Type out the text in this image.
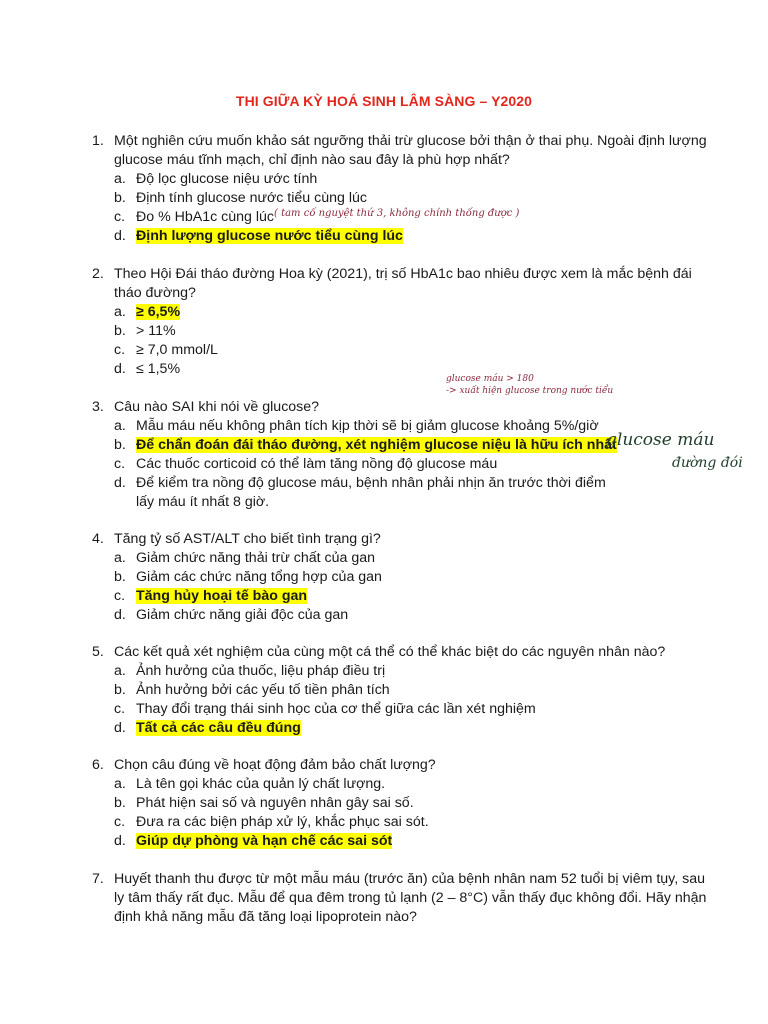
THI GIỮA KỲ HOÁ SINH LÂM SÀNG – Y2020
1. Một nghiên cứu muốn khảo sát ngưỡng thải trừ glucose bởi thận ở thai phụ. Ngoài định lượng glucose máu tĩnh mạch, chỉ định nào sau đây là phù hợp nhất?
a. Độ lọc glucose niệu ước tính
b. Định tính glucose nước tiểu cùng lúc
c. Đo % HbA1c cùng lúc
d. Định lượng glucose nước tiểu cùng lúc
( tam cố nguyệt thứ 3, không chính thống được )
2. Theo Hội Đái tháo đường Hoa kỳ (2021), trị số HbA1c bao nhiêu được xem là mắc bệnh đái tháo đường?
a. ≥ 6,5%
b. > 11%
c. ≥ 7,0 mmol/L
d. ≤ 1,5%
glucose máu > 180
-> xuất hiện glucose trong nước tiểu
3. Câu nào SAI khi nói về glucose?
a. Mẫu máu nếu không phân tích kịp thời sẽ bị giảm glucose khoảng 5%/giờ
b. Để chẩn đoán đái tháo đường, xét nghiệm glucose niệu là hữu ích nhất
c. Các thuốc corticoid có thể làm tăng nồng độ glucose máu
d. Để kiểm tra nồng độ glucose máu, bệnh nhân phải nhịn ăn trước thời điểm lấy máu ít nhất 8 giờ.
glucose máu
đường đói
4. Tăng tỷ số AST/ALT cho biết tình trạng gì?
a. Giảm chức năng thải trừ chất của gan
b. Giảm các chức năng tổng hợp của gan
c. Tăng hủy hoại tế bào gan
d. Giảm chức năng giải độc của gan
5. Các kết quả xét nghiệm của cùng một cá thể có thể khác biệt do các nguyên nhân nào?
a. Ảnh hưởng của thuốc, liệu pháp điều trị
b. Ảnh hưởng bởi các yếu tố tiền phân tích
c. Thay đổi trạng thái sinh học của cơ thể giữa các lần xét nghiệm
d. Tất cả các câu đều đúng
6. Chọn câu đúng về hoạt động đảm bảo chất lượng?
a. Là tên gọi khác của quản lý chất lượng.
b. Phát hiện sai số và nguyên nhân gây sai số.
c. Đưa ra các biện pháp xử lý, khắc phục sai sót.
d. Giúp dự phòng và hạn chế các sai sót
7. Huyết thanh thu được từ một mẫu máu (trước ăn) của bệnh nhân nam 52 tuổi bị viêm tụy, sau ly tâm thấy rất đục. Mẫu để qua đêm trong tủ lạnh (2 – 8°C) vẫn thấy đục không đổi. Hãy nhận định khả năng mẫu đã tăng loại lipoprotein nào?
